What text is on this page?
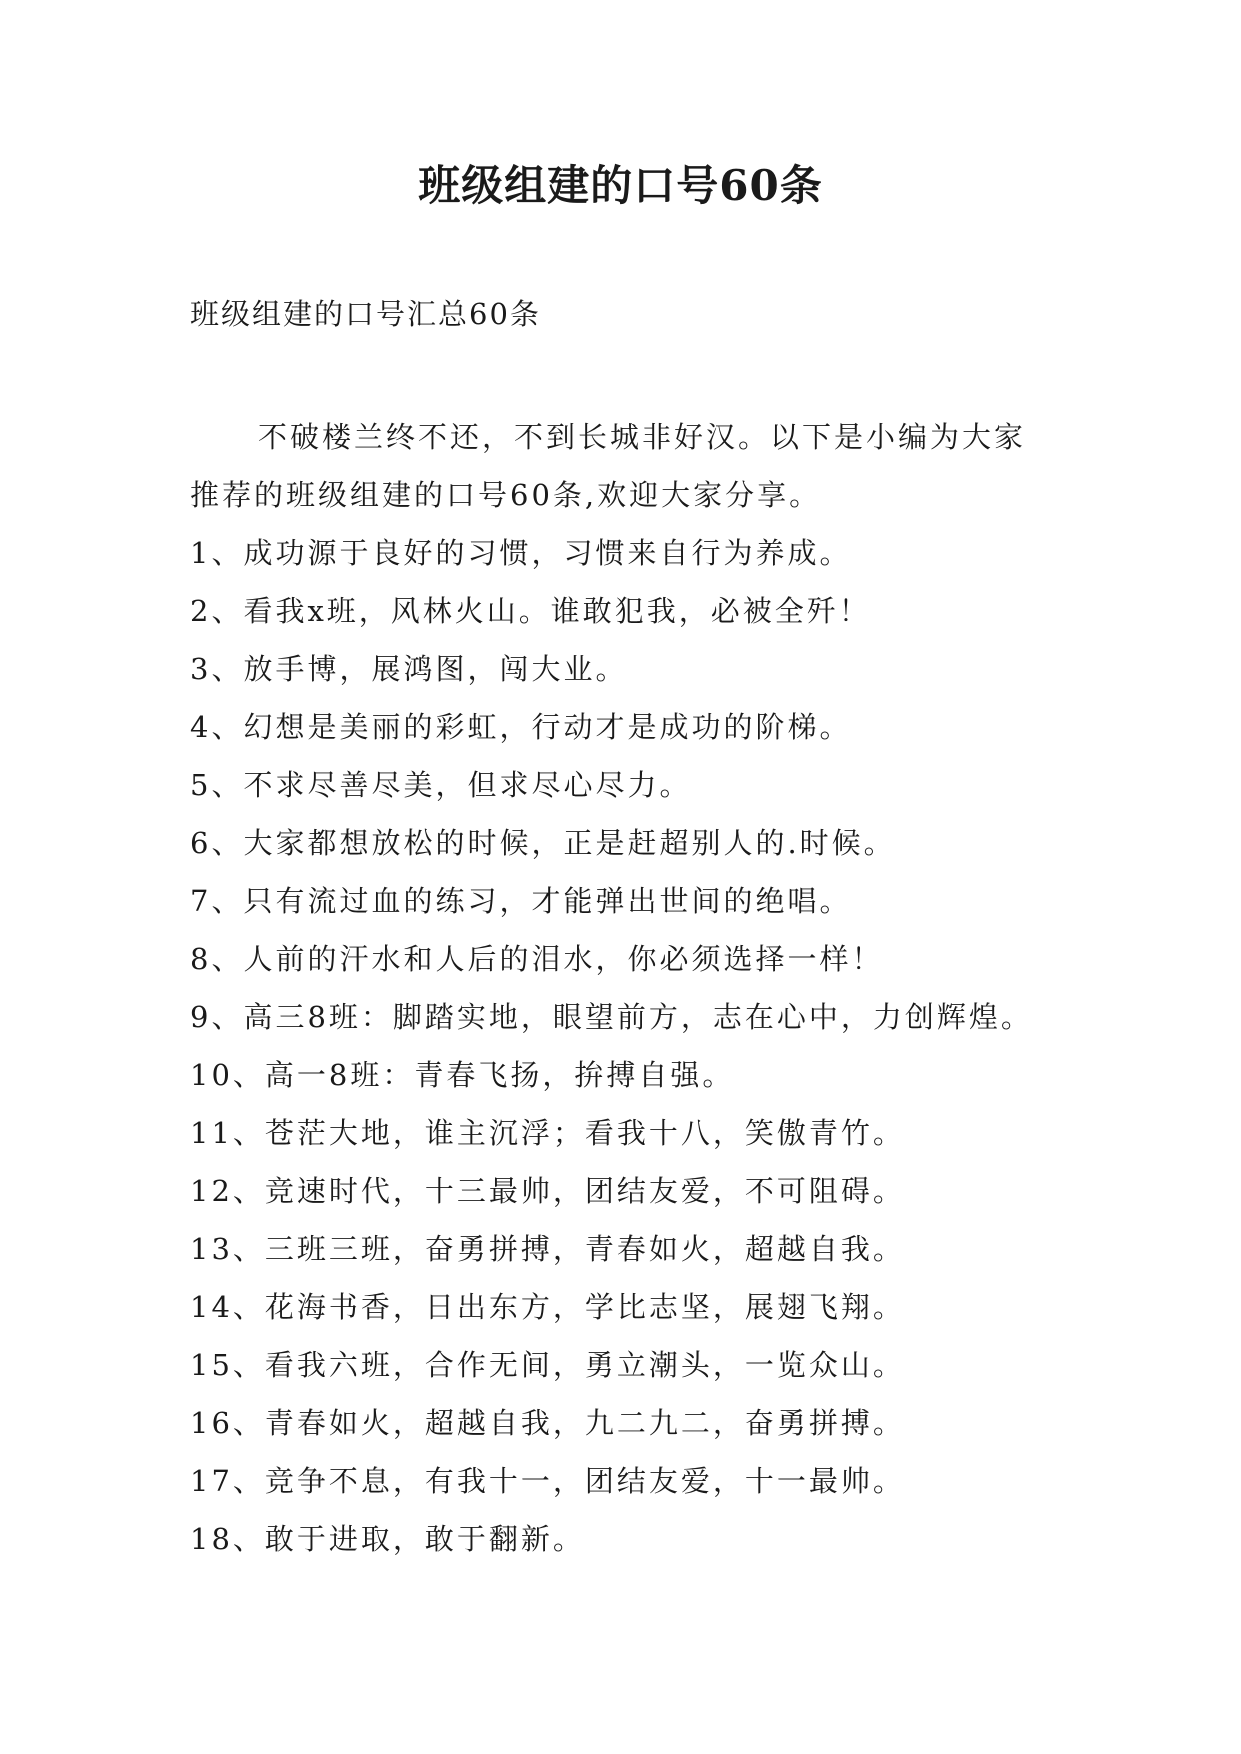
班级组建的口号60条

班级组建的口号汇总60条

不破楼兰终不还，不到长城非好汉。以下是小编为大家
推荐的班级组建的口号60条,欢迎大家分享。

1、成功源于良好的习惯，习惯来自行为养成。
2、看我x班，风林火山。谁敢犯我，必被全歼！
3、放手博，展鸿图，闯大业。
4、幻想是美丽的彩虹，行动才是成功的阶梯。
5、不求尽善尽美，但求尽心尽力。
6、大家都想放松的时候，正是赶超别人的.时候。
7、只有流过血的练习，才能弹出世间的绝唱。
8、人前的汗水和人后的泪水，你必须选择一样！
9、高三8班：脚踏实地，眼望前方，志在心中，力创辉煌。
10、高一8班：青春飞扬，拚搏自强。
11、苍茫大地，谁主沉浮；看我十八，笑傲青竹。
12、竞速时代，十三最帅，团结友爱，不可阻碍。
13、三班三班，奋勇拼搏，青春如火，超越自我。
14、花海书香，日出东方，学比志坚，展翅飞翔。
15、看我六班，合作无间，勇立潮头，一览众山。
16、青春如火，超越自我，九二九二，奋勇拼搏。
17、竞争不息，有我十一，团结友爱，十一最帅。
18、敢于进取，敢于翻新。
